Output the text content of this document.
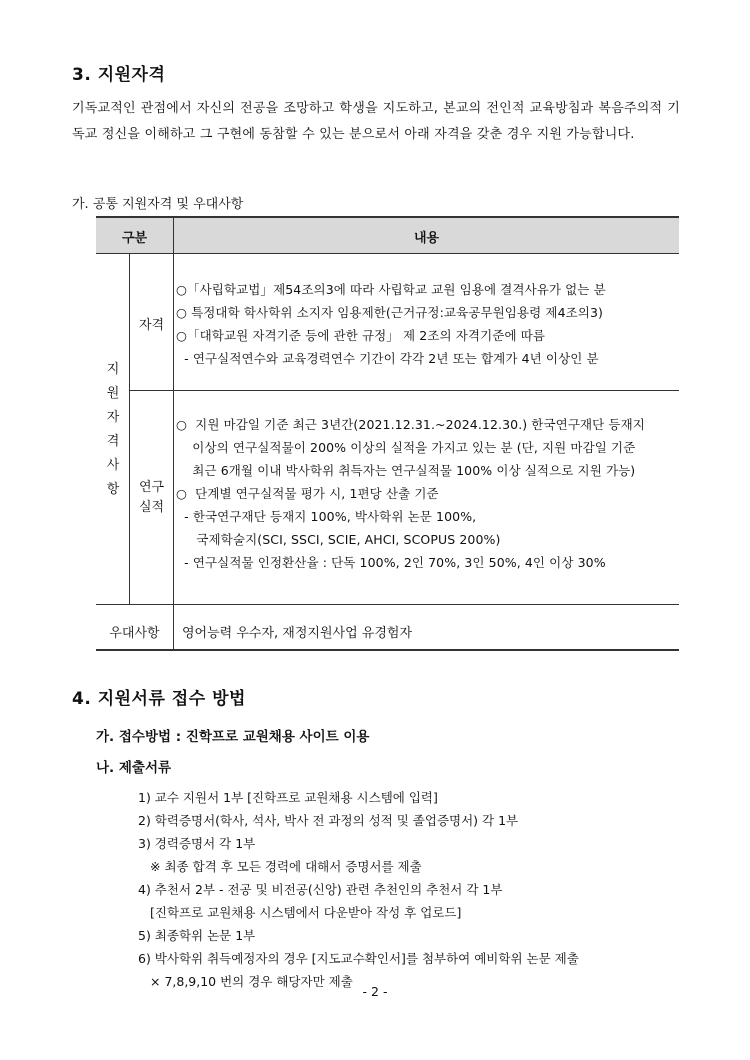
3. 지원자격
기독교적인 관점에서 자신의 전공을 조망하고 학생을 지도하고, 본교의 전인적 교육방침과 복음주의적 기독교 정신을 이해하고 그 구현에 동참할 수 있는 분으로서 아래 자격을 갖춘 경우 지원 가능합니다.
가. 공통 지원자격 및 우대사항
구분	내용
지
원
자
격
사
항
자격
○「사립학교법」제54조의3에 따라 사립학교 교원 임용에 결격사유가 없는 분
○ 특정대학 학사학위 소지자 임용제한(근거규정:교육공무원임용령 제4조의3)
○「대학교원 자격기준 등에 관한 규정」 제 2조의 자격기준에 따름
- 연구실적연수와 교육경력연수 기간이 각각 2년 또는 합계가 4년 이상인 분
연구
실적
○  지원 마감일 기준 최근 3년간(2021.12.31.~2024.12.30.) 한국연구재단 등재지
이상의 연구실적물이 200% 이상의 실적을 가지고 있는 분 (단, 지원 마감일 기준
최근 6개월 이내 박사학위 취득자는 연구실적물 100% 이상 실적으로 지원 가능)
○  단계별 연구실적물 평가 시, 1편당 산출 기준
- 한국연구재단 등재지 100%, 박사학위 논문 100%,
국제학술지(SCI, SSCI, SCIE, AHCI, SCOPUS 200%)
- 연구실적물 인정환산율 : 단독 100%, 2인 70%, 3인 50%, 4인 이상 30%
우대사항	영어능력 우수자, 재정지원사업 유경험자
4. 지원서류 접수 방법
가. 접수방법 : 진학프로 교원채용 사이트 이용
나. 제출서류
1) 교수 지원서 1부 [진학프로 교원채용 시스템에 입력]
2) 학력증명서(학사, 석사, 박사 전 과정의 성적 및 졸업증명서) 각 1부
3) 경력증명서 각 1부
※ 최종 합격 후 모든 경력에 대해서 증명서를 제출
4) 추천서 2부 - 전공 및 비전공(신앙) 관련 추천인의 추천서 각 1부
[진학프로 교원채용 시스템에서 다운받아 작성 후 업로드]
5) 최종학위 논문 1부
6) 박사학위 취득예정자의 경우 [지도교수확인서]를 첨부하여 예비학위 논문 제출
× 7,8,9,10 번의 경우 해당자만 제출
- 2 -
